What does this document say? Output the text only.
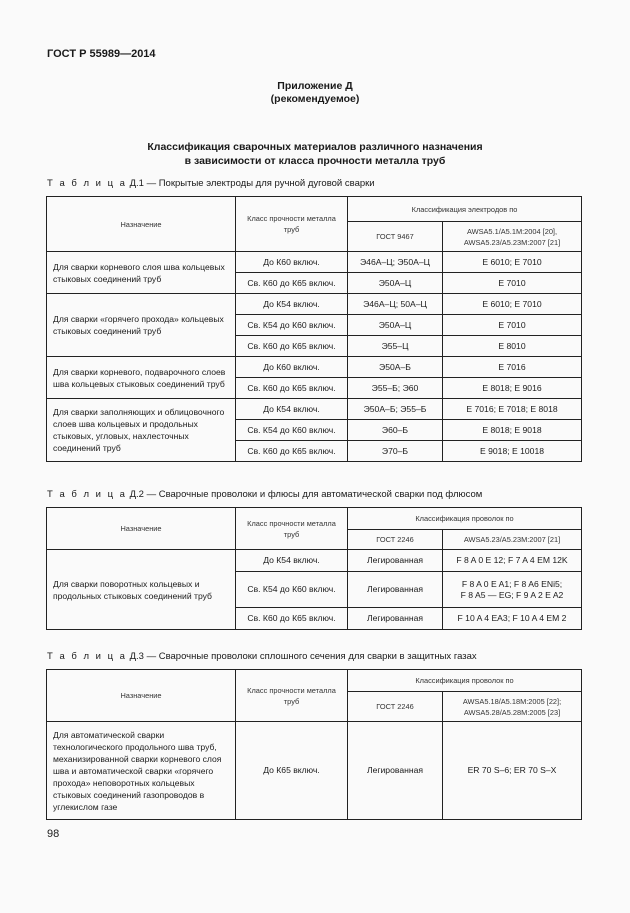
ГОСТ Р 55989—2014
Приложение Д
(рекомендуемое)
Классификация сварочных материалов различного назначения
в зависимости от класса прочности металла труб
Т а б л и ц а Д.1 — Покрытые электроды для ручной дуговой сварки
Назначение	Класс прочности металла труб	Классификация электродов по	
		ГОСТ 9467	AWSA5.1/A5.1M:2004 [20], AWSA5.23/A5.23M:2007 [21]
Для сварки корневого слоя шва кольцевых стыковых соединений труб	До К60 включ.	Э46А–Ц; Э50А–Ц	E 6010; E 7010
	Св. К60 до К65 включ.	Э50А–Ц	E 7010
Для сварки «горячего прохода» кольцевых стыковых соединений труб	До К54 включ.	Э46А–Ц; 50А–Ц	E 6010; E 7010
	Св. К54 до К60 включ.	Э50А–Ц	E 7010
	Св. К60 до К65 включ.	Э55–Ц	E 8010
Для сварки корневого, подварочного слоев шва кольцевых стыковых соединений труб	До К60 включ.	Э50А–Б	E 7016
	Св. К60 до К65 включ.	Э55–Б; Э60	E 8018; E 9016
Для сварки заполняющих и облицовочного слоев шва кольцевых и продольных стыковых, угловых, нахлесточных соединений труб	До К54 включ.	Э50А–Б; Э55–Б	E 7016; E 7018; E 8018
	Св. К54 до К60 включ.	Э60–Б	E 8018; E 9018
	Св. К60 до К65 включ.	Э70–Б	E 9018; E 10018
Т а б л и ц а Д.2 — Сварочные проволоки и флюсы для автоматической сварки под флюсом
Назначение	Класс прочности металла труб	Классификация проволок по	
		ГОСТ 2246	AWSA5.23/A5.23M:2007 [21]
Для сварки поворотных кольцевых и продольных стыковых соединений труб	До К54 включ.	Легированная	F 8 A 0 E 12; F 7 A 4 EM 12K
	Св. К54 до К60 включ.	Легированная	F 8 A 0 E A1; F 8 A6 ENi5;
F 8 A5 — EG; F 9 A 2 E A2

	Св. К60 до К65 включ.	Легированная	F 10 A 4 EA3; F 10 A 4 EM 2
Т а б л и ц а Д.3 — Сварочные проволоки сплошного сечения для сварки в защитных газах
Назначение	Класс прочности металла труб	Классификация проволок по	
		ГОСТ 2246	AWSA5.18/A5.18M:2005 [22]; AWSA5.28/A5.28M:2005 [23]
Для автоматической сварки технологического продольного шва труб, механизированной сварки корневого слоя шва и автоматической сварки «горячего прохода» неповоротных кольцевых стыковых соединений газопроводов в углекислом газе	До К65 включ.	Легированная	ER 70 S–6; ER 70 S–X
98
